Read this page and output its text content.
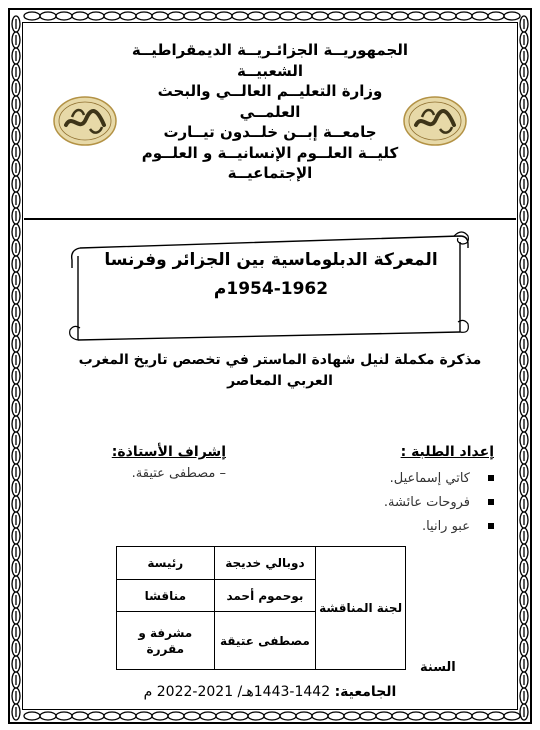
الجمهوريــة الجزائـريــة الديمقراطيــة
الشعبيــة
وزارة التعليــم العالــي والبحث
العلمــي
جامعــة إبــن خلــدون تيــارت
كليــة العلــوم الإنسانيــة و العلــوم
الإجتماعيــة
المعركة الدبلوماسية بين الجزائر وفرنسا
1954-1962م
مذكرة مكملة لنيل شهادة الماستر في تخصص تاريخ المغرب
العربي المعاصر
إعداد الطلبة :
كاتي إسماعيل.
فروحات عائشة.
عبو رانيا.
إشراف الأستاذة:
– مصطفى عتيقة.
لجنة المناقشة	دوبالي خديجة	رئيسة
	بوحموم أحمد	مناقشا
	مصطفى عتيقة	مشرفة و مقررة
السنة
الجامعية: 1442-1443هـ/ 2021-2022 م
